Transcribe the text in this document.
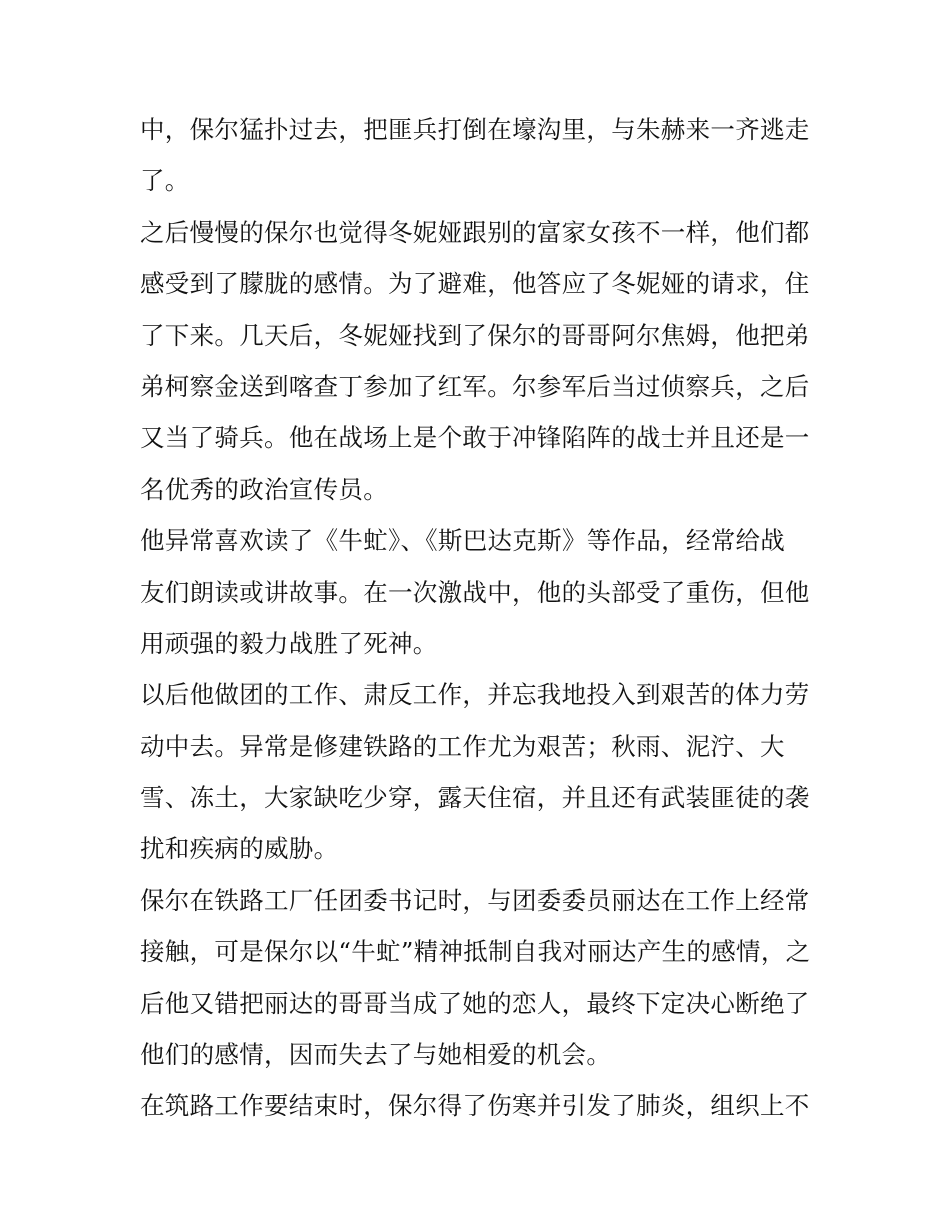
中，保尔猛扑过去，把匪兵打倒在壕沟里，与朱赫来一齐逃走
了。
之后慢慢的保尔也觉得冬妮娅跟别的富家女孩不一样，他们都
感受到了朦胧的感情。为了避难，他答应了冬妮娅的请求，住
了下来。几天后，冬妮娅找到了保尔的哥哥阿尔焦姆，他把弟
弟柯察金送到喀查丁参加了红军。尔参军后当过侦察兵，之后
又当了骑兵。他在战场上是个敢于冲锋陷阵的战士并且还是一
名优秀的政治宣传员。
他异常喜欢读了《牛虻》、《斯巴达克斯》等作品，经常给战
友们朗读或讲故事。在一次激战中，他的头部受了重伤，但他
用顽强的毅力战胜了死神。
以后他做团的工作、肃反工作，并忘我地投入到艰苦的体力劳
动中去。异常是修建铁路的工作尤为艰苦；秋雨、泥泞、大
雪、冻土，大家缺吃少穿，露天住宿，并且还有武装匪徒的袭
扰和疾病的威胁。
保尔在铁路工厂任团委书记时，与团委委员丽达在工作上经常
接触，可是保尔以“牛虻”精神抵制自我对丽达产生的感情，之
后他又错把丽达的哥哥当成了她的恋人，最终下定决心断绝了
他们的感情，因而失去了与她相爱的机会。
在筑路工作要结束时，保尔得了伤寒并引发了肺炎，组织上不
